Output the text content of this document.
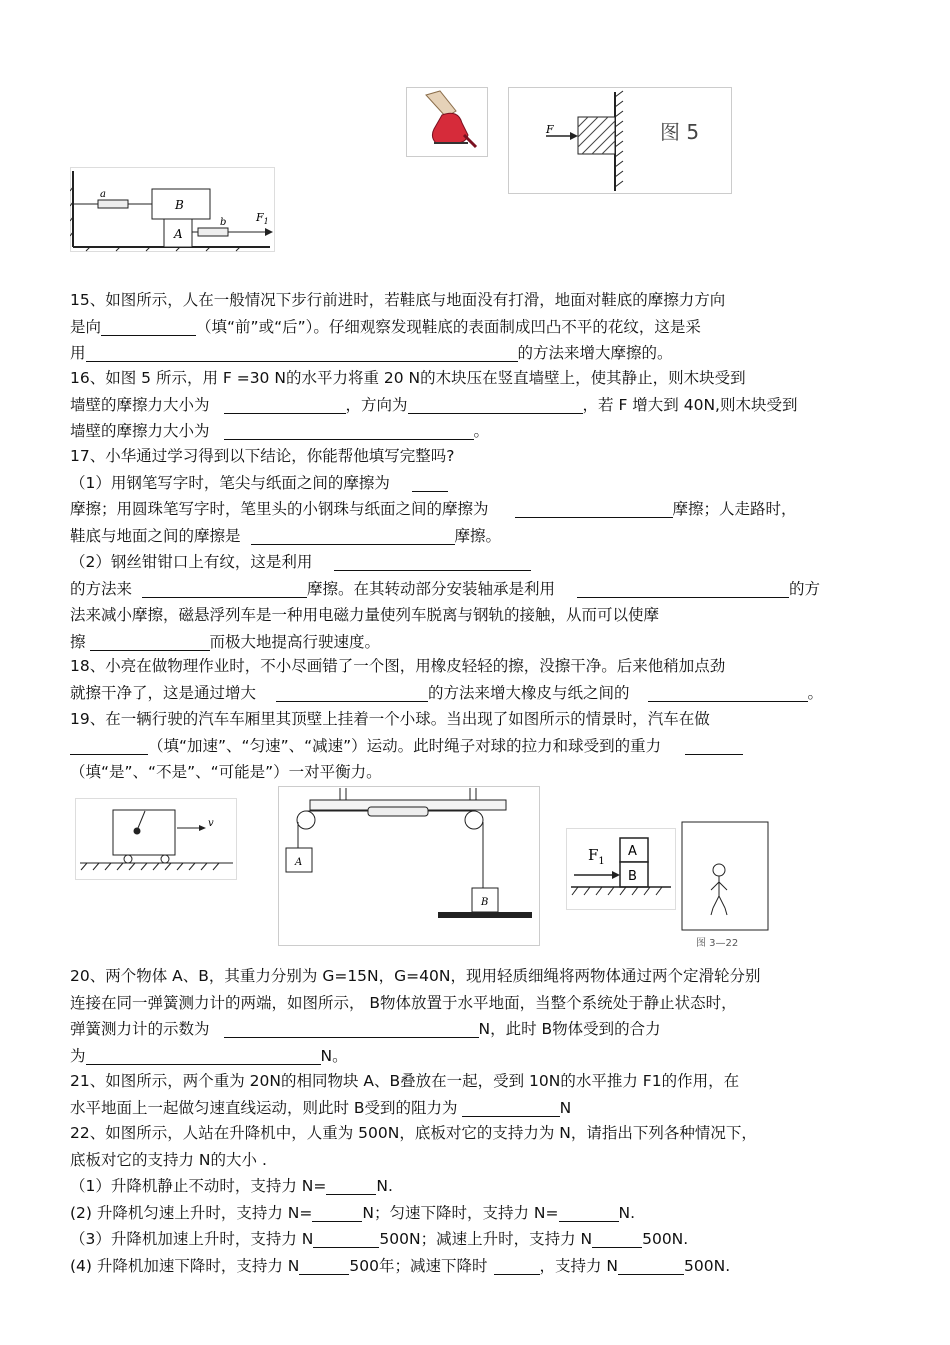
F	图 5
B
A
a
b	$F_1$

15、如图所示，人在一般情况下步行前进时，若鞋底与地面没有打滑，地面对鞋底的摩擦力方向

是向	（填“前”或“后”）。仔细观察发现鞋底的表面制成凹凸不平的花纹，这是采

用	的方法来增大摩擦的。

16、如图 5 所示，用 F =30 N的水平力将重 20 N的木块压在竖直墙壁上，使其静止，则木块受到

墙壁的摩擦力大小为	，方向为	，若 F 增大到 40N,则木块受到

墙壁的摩擦力大小为	。

17、小华通过学习得到以下结论，你能帮他填写完整吗?

（1）用钢笔写字时，笔尖与纸面之间的摩擦为

摩擦；用圆珠笔写字时，笔里头的小钢珠与纸面之间的摩擦为	摩擦；人走路时，

鞋底与地面之间的摩擦是	摩擦。

（2）钢丝钳钳口上有纹，这是利用

的方法来	摩擦。在其转动部分安装轴承是利用	的方

法来减小摩擦，磁悬浮列车是一种用电磁力量使列车脱离与钢轨的接触，从而可以使摩

擦	而极大地提高行驶速度。

18、小亮在做物理作业时，不小尽画错了一个图，用橡皮轻轻的擦，没擦干净。后来他稍加点劲

就擦干净了，这是通过增大	的方法来增大橡皮与纸之间的	。

19、在一辆行驶的汽车车厢里其顶壁上挂着一个小球。当出现了如图所示的情景时，汽车在做

（填“加速”、“匀速”、“减速”）运动。此时绳子对球的拉力和球受到的重力

（填“是”、“不是”、“可能是”）一对平衡力。

v
A
B
$F_1$
A
B
图 3—22

20、两个物体 A、B，其重力分别为 G=15N，G=40N，现用轻质细绳将两物体通过两个定滑轮分别

连接在同一弹簧测力计的两端，如图所示， B物体放置于水平地面，当整个系统处于静止状态时，

弹簧测力计的示数为	N，此时 B物体受到的合力

为	N。

21、如图所示，两个重为 20N的相同物块 A、B叠放在一起，受到 10N的水平推力 F1的作用，在

水平地面上一起做匀速直线运动，则此时 B受到的阻力为	N

22、如图所示，人站在升降机中，人重为 500N，底板对它的支持力为 N，请指出下列各种情况下，

底板对它的支持力 N的大小 .

（1）升降机静止不动时，支持力 N=	N.

(2) 升降机匀速上升时，支持力 N=	N；匀速下降时，支持力 N=	N.

（3）升降机加速上升时，支持力 N	500N；减速上升时，支持力 N	500N.

(4) 升降机加速下降时，支持力 N	500年；减速下降时	，支持力 N	500N.
